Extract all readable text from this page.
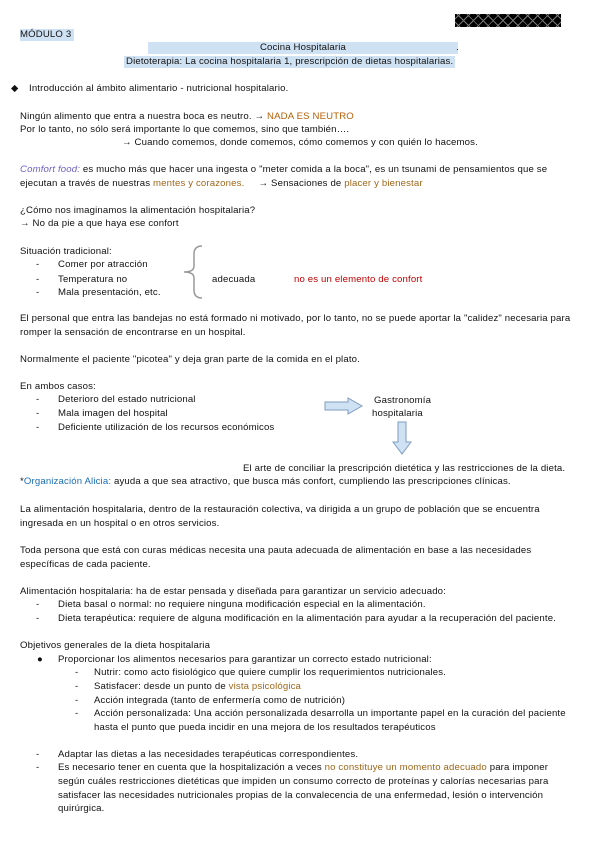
MÓDULO 3
Cocina Hospitalaria	.
Dietoterapia: La cocina hospitalaria 1, prescripción de dietas hospitalarias.
◆ Introducción al ámbito alimentario - nutricional hospitalario.
Ningún alimento que entra a nuestra boca es neutro. → NADA ES NEUTRO
Por lo tanto, no sólo será importante lo que comemos, sino que también….
→ Cuando comemos, donde comemos, cómo comemos y con quién lo hacemos.
Comfort food: es mucho más que hacer una ingesta o "meter comida a la boca", es un tsunami de pensamientos que se
ejecutan a través de nuestras mentes y corazones.     → Sensaciones de placer y bienestar
¿Cómo nos imaginamos la alimentación hospitalaria?
→ No da pie a que haya ese confort
Situación tradicional:
- Comer por atracción
- Temperatura no
- Mala presentación, etc.
adecuada	no es un elemento de confort
El personal que entra las bandejas no está formado ni motivado, por lo tanto, no se puede aportar la "calidez" necesaria para
romper la sensación de encontrarse en un hospital.
Normalmente el paciente "picotea" y deja gran parte de la comida en el plato.
En ambos casos:
- Deterioro del estado nutricional
- Mala imagen del hospital
- Deficiente utilización de los recursos económicos
Gastronomía
hospitalaria
El arte de conciliar la prescripción dietética y las restricciones de la dieta.
*Organización Alicia: ayuda a que sea atractivo, que busca más confort, cumpliendo las prescripciones clínicas.
La alimentación hospitalaria, dentro de la restauración colectiva, va dirigida a un grupo de población que se encuentra
ingresada en un hospital o en otros servicios.
Toda persona que está con curas médicas necesita una pauta adecuada de alimentación en base a las necesidades
específicas de cada paciente.
Alimentación hospitalaria: ha de estar pensada y diseñada para garantizar un servicio adecuado:
- Dieta basal o normal: no requiere ninguna modificación especial en la alimentación.
- Dieta terapéutica: requiere de alguna modificación en la alimentación para ayudar a la recuperación del paciente.
Objetivos generales de la dieta hospitalaria
● Proporcionar los alimentos necesarios para garantizar un correcto estado nutricional:
- Nutrir: como acto fisiológico que quiere cumplir los requerimientos nutricionales.
- Satisfacer: desde un punto de vista psicológica
- Acción integrada (tanto de enfermería como de nutrición)
- Acción personalizada: Una acción personalizada desarrolla un importante papel en la curación del paciente
hasta el punto que pueda incidir en una mejora de los resultados terapéuticos
- Adaptar las dietas a las necesidades terapéuticas correspondientes.
- Es necesario tener en cuenta que la hospitalización a veces no constituye un momento adecuado para imponer
según cuáles restricciones dietéticas que impiden un consumo correcto de proteínas y calorías necesarias para
satisfacer las necesidades nutricionales propias de la convalecencia de una enfermedad, lesión o intervención
quirúrgica.
